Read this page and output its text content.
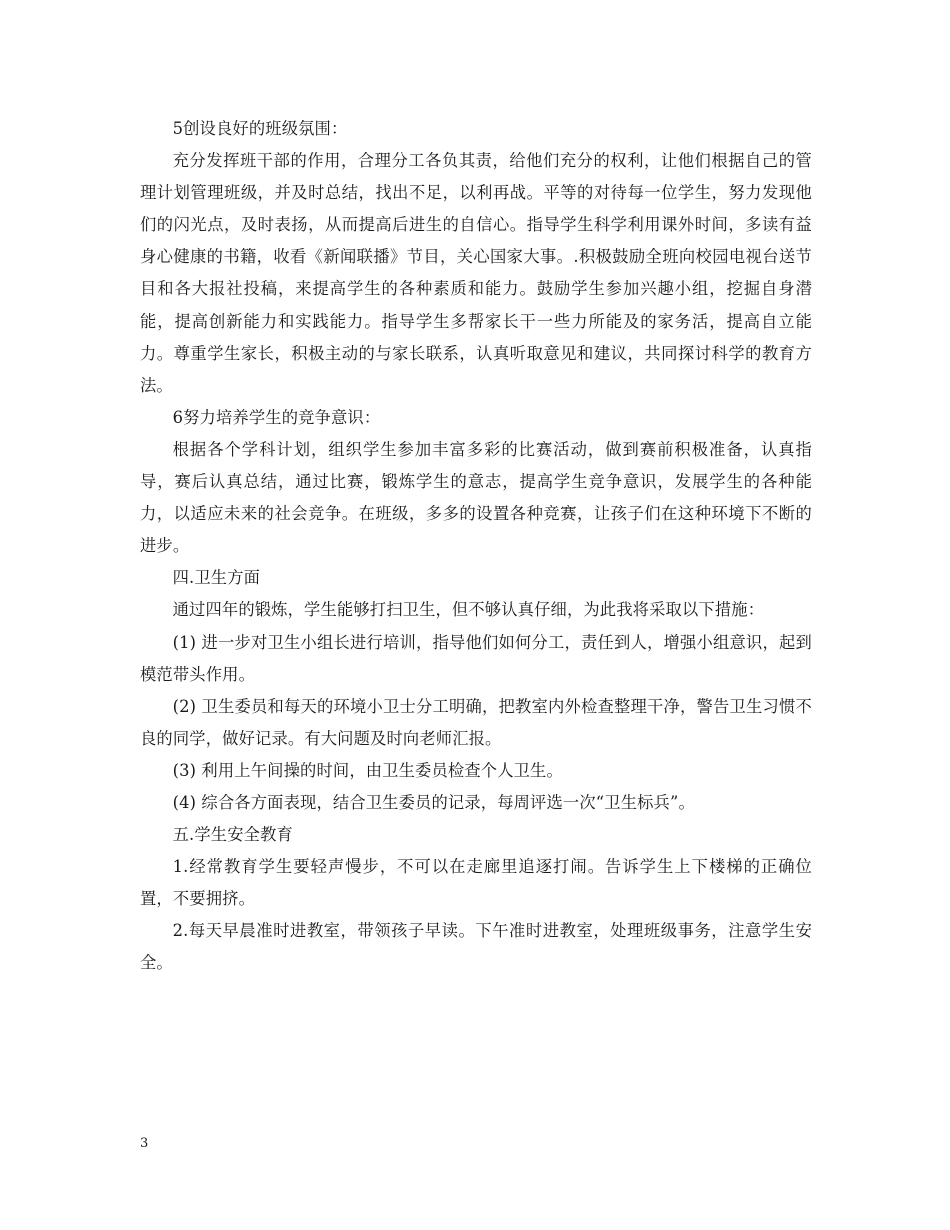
5创设良好的班级氛围：

充分发挥班干部的作用，合理分工各负其责，给他们充分的权利，让他们根据自己的管理计划管理班级，并及时总结，找出不足，以利再战。平等的对待每一位学生，努力发现他们的闪光点，及时表扬，从而提高后进生的自信心。指导学生科学利用课外时间，多读有益身心健康的书籍，收看《新闻联播》节目，关心国家大事。.积极鼓励全班向校园电视台送节目和各大报社投稿，来提高学生的各种素质和能力。鼓励学生参加兴趣小组，挖掘自身潜能，提高创新能力和实践能力。指导学生多帮家长干一些力所能及的家务活，提高自立能力。尊重学生家长，积极主动的与家长联系，认真听取意见和建议，共同探讨科学的教育方法。

6努力培养学生的竞争意识：

根据各个学科计划，组织学生参加丰富多彩的比赛活动，做到赛前积极准备，认真指导，赛后认真总结，通过比赛，锻炼学生的意志，提高学生竞争意识，发展学生的各种能力，以适应未来的社会竞争。在班级，多多的设置各种竞赛，让孩子们在这种环境下不断的进步。

四.卫生方面

通过四年的锻炼，学生能够打扫卫生，但不够认真仔细，为此我将采取以下措施：

(1) 进一步对卫生小组长进行培训，指导他们如何分工，责任到人，增强小组意识，起到模范带头作用。

(2) 卫生委员和每天的环境小卫士分工明确，把教室内外检查整理干净，警告卫生习惯不良的同学，做好记录。有大问题及时向老师汇报。

(3) 利用上午间操的时间，由卫生委员检查个人卫生。

(4) 综合各方面表现，结合卫生委员的记录，每周评选一次“卫生标兵”。

五.学生安全教育

1.经常教育学生要轻声慢步，不可以在走廊里追逐打闹。告诉学生上下楼梯的正确位置，不要拥挤。

2.每天早晨准时进教室，带领孩子早读。下午准时进教室，处理班级事务，注意学生安全。

3
